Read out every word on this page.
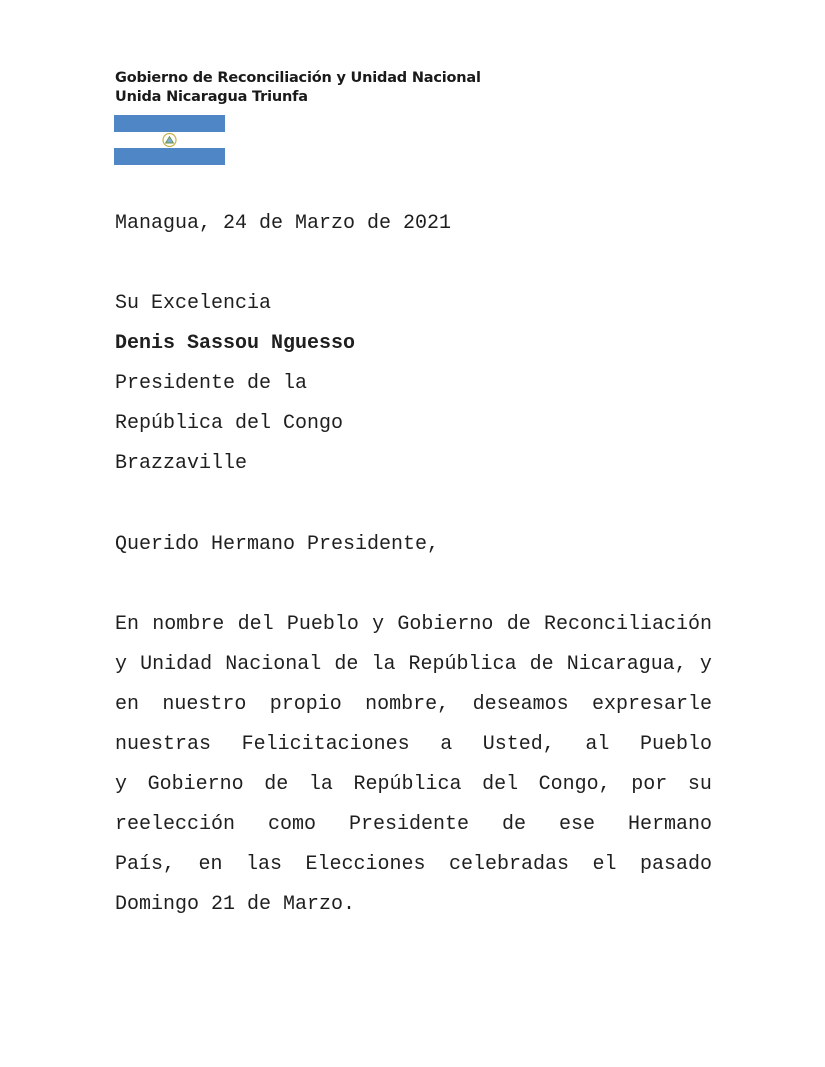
Gobierno de Reconciliación y Unidad Nacional
Unida Nicaragua Triunfa
Managua, 24 de Marzo de 2021
Su Excelencia
Denis Sassou Nguesso
Presidente de la
República del Congo
Brazzaville
Querido Hermano Presidente,
En nombre del Pueblo y Gobierno de Reconciliación
y Unidad Nacional de la República de Nicaragua, y
en nuestro propio nombre, deseamos expresarle
nuestras Felicitaciones a Usted, al Pueblo
y Gobierno de la República del Congo, por su
reelección como Presidente de ese Hermano
País, en las Elecciones celebradas el pasado
Domingo 21 de Marzo.
